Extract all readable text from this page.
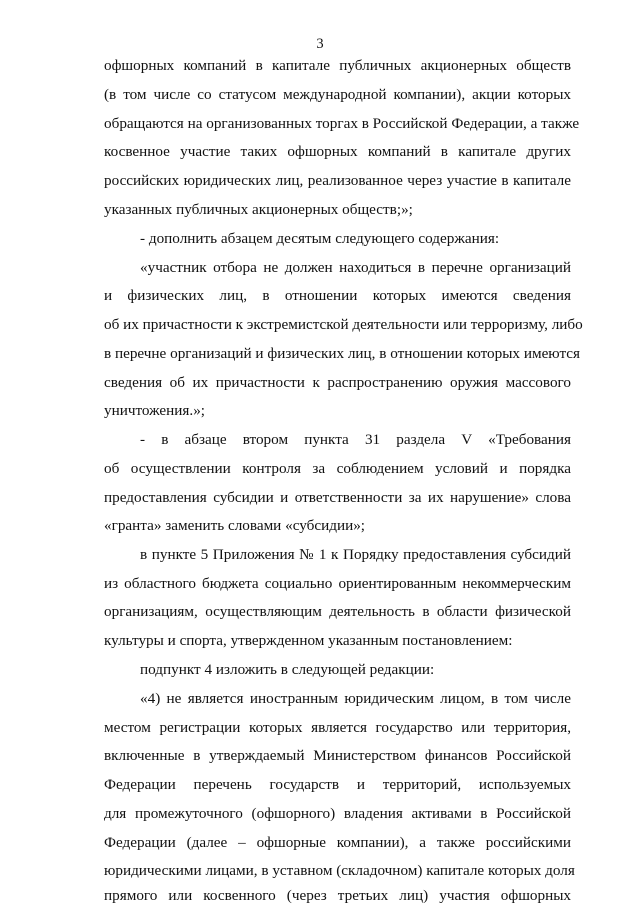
3
офшорных компаний в капитале публичных акционерных обществ
(в том числе со статусом международной компании), акции которых
обращаются на организованных торгах в Российской Федерации, а также
косвенное участие таких офшорных компаний в капитале других
российских юридических лиц, реализованное через участие в капитале
указанных публичных акционерных обществ;»;
- дополнить абзацем десятым следующего содержания:
«участник отбора не должен находиться в перечне организаций
и физических лиц, в отношении которых имеются сведения
об их причастности к экстремистской деятельности или терроризму, либо
в перечне организаций и физических лиц, в отношении которых имеются
сведения об их причастности к распространению оружия массового
уничтожения.»;
- в абзаце втором пункта 31 раздела V «Требования
об осуществлении контроля за соблюдением условий и порядка
предоставления субсидии и ответственности за их нарушение» слова
«гранта» заменить словами «субсидии»;
в пункте 5 Приложения № 1 к Порядку предоставления субсидий
из областного бюджета социально ориентированным некоммерческим
организациям, осуществляющим деятельность в области физической
культуры и спорта, утвержденном указанным постановлением:
подпункт 4 изложить в следующей редакции:
«4) не является иностранным юридическим лицом, в том числе
местом регистрации которых является государство или территория,
включенные в утверждаемый Министерством финансов Российской
Федерации перечень государств и территорий, используемых
для промежуточного (офшорного) владения активами в Российской
Федерации (далее – офшорные компании), а также российскими
юридическими лицами, в уставном (складочном) капитале которых доля
прямого или косвенного (через третьих лиц) участия офшорных
